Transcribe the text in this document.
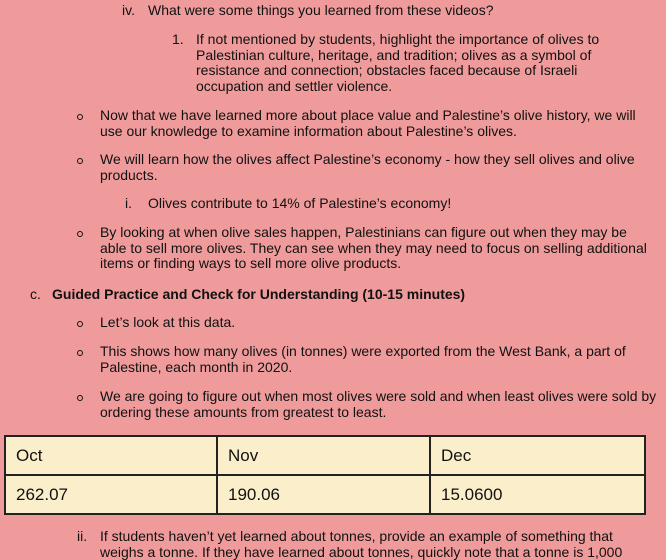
iv. What were some things you learned from these videos?

1. If not mentioned by students, highlight the importance of olives to Palestinian culture, heritage, and tradition; olives as a symbol of resistance and connection; obstacles faced because of Israeli occupation and settler violence.

Now that we have learned more about place value and Palestine’s olive history, we will use our knowledge to examine information about Palestine’s olives.

We will learn how the olives affect Palestine’s economy - how they sell olives and olive products.

i. Olives contribute to 14% of Palestine’s economy!

By looking at when olive sales happen, Palestinians can figure out when they may be able to sell more olives. They can see when they may need to focus on selling additional items or finding ways to sell more olive products.

c. Guided Practice and Check for Understanding (10-15 minutes)

Let’s look at this data.

This shows how many olives (in tonnes) were exported from the West Bank, a part of Palestine, each month in 2020.

We are going to figure out when most olives were sold and when least olives were sold by ordering these amounts from greatest to least.

Oct	Nov	Dec
262.07	190.06	15.0600
ii. If students haven’t yet learned about tonnes, provide an example of something that weighs a tonne. If they have learned about tonnes, quickly note that a tonne is 1,000
